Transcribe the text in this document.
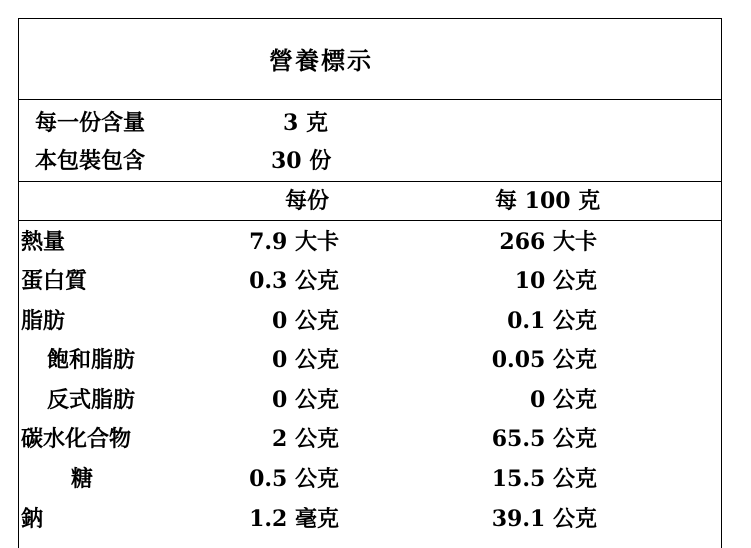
營養標示
每一份含量	3 克
本包裝包含	30 份
每份	每 100 克
熱量	7.9 大卡	266 大卡
蛋白質	0.3 公克	10 公克
脂肪	0 公克	0.1 公克
飽和脂肪	0 公克	0.05 公克
反式脂肪	0 公克	0 公克
碳水化合物	2 公克	65.5 公克
糖	0.5 公克	15.5 公克
鈉	1.2 毫克	39.1 公克
